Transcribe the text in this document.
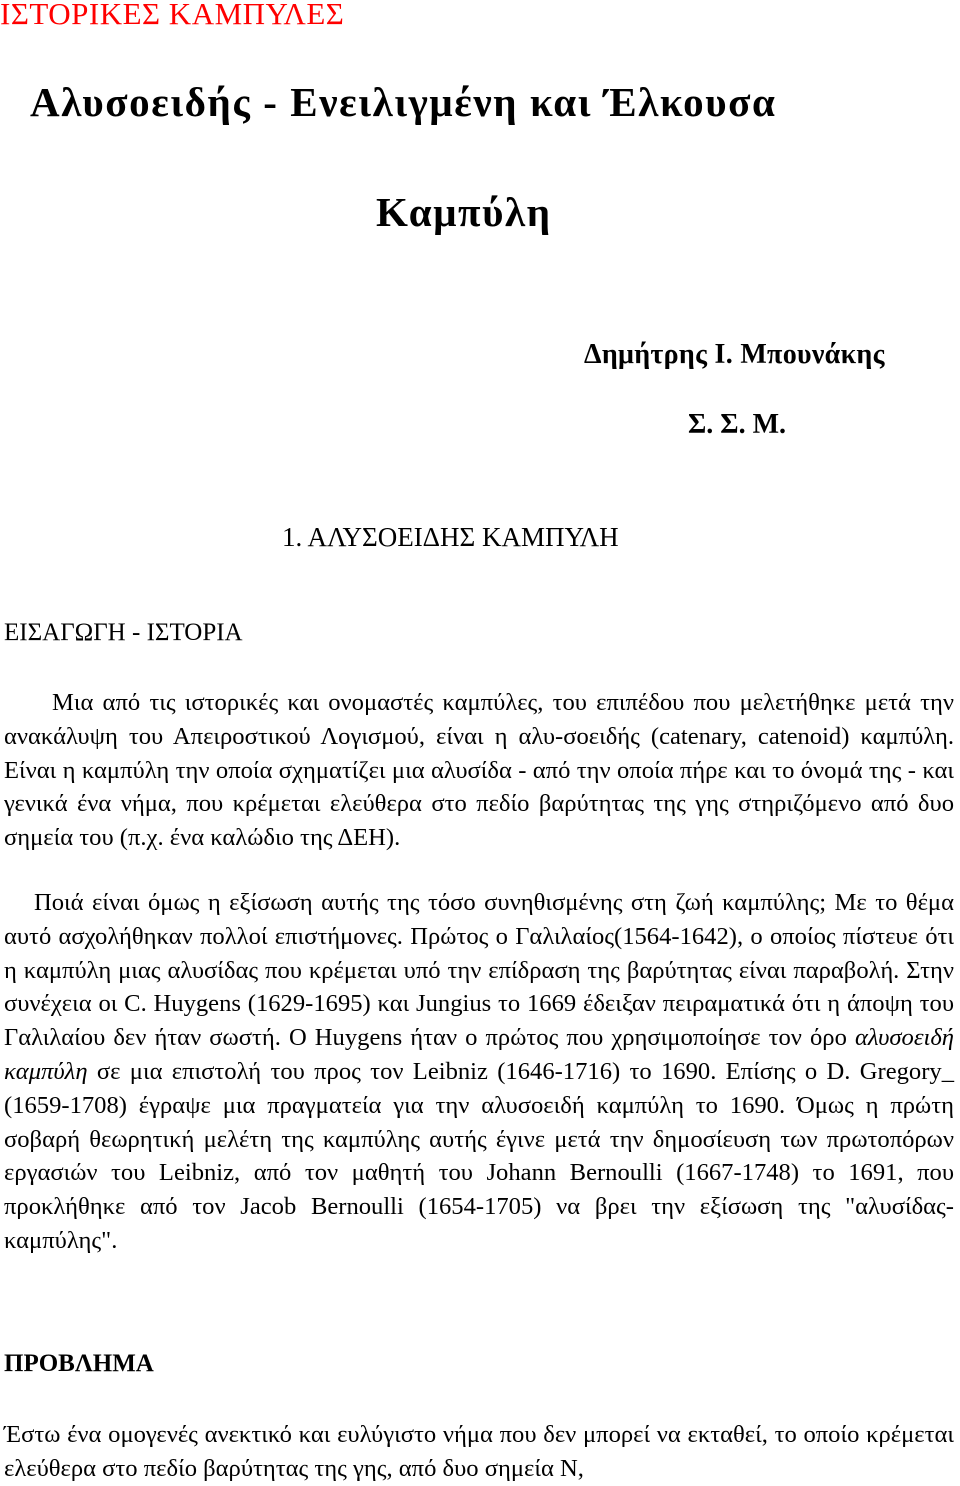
ΙΣΤΟΡΙΚΕΣ ΚΑΜΠΥΛΕΣ
Αλυσοειδής - Ενειλιγμένη και Έλκουσα
Καμπύλη
Δημήτρης Ι. Μπουνάκης
Σ. Σ. Μ.
1. ΑΛΥΣΟΕΙΔΗΣ ΚΑΜΠΥΛΗ
ΕΙΣΑΓΩΓΗ - ΙΣΤΟΡΙΑ

Μια από τις ιστορικές και ονομαστές καμπύλες, του επιπέδου που μελετήθηκε μετά την ανακάλυψη του Απειροστικού Λογισμού, είναι η αλυ-σοειδής (catenary, catenoid) καμπύλη. Είναι η καμπύλη την οποία σχηματίζει μια αλυσίδα - από την οποία πήρε και το όνομά της - και γενικά ένα νήμα, που κρέμεται ελεύθερα στο πεδίο βαρύτητας της γης στηριζόμενο από δυο σημεία του (π.χ. ένα καλώδιο της ΔΕΗ).

Ποιά είναι όμως η εξίσωση αυτής της τόσο συνηθισμένης στη ζωή καμπύλης; Με το θέμα αυτό ασχολήθηκαν πολλοί επιστήμονες. Πρώτος ο Γαλιλαίος(1564-1642), ο οποίος πίστευε ότι η καμπύλη μιας αλυσίδας που κρέμεται υπό την επίδραση της βαρύτητας είναι παραβολή. Στην συνέχεια οι C. Huygens (1629-1695) και Jungius το 1669 έδειξαν πειραματικά ότι η άποψη του Γαλιλαίου δεν ήταν σωστή. Ο Huygens ήταν ο πρώτος που χρησιμοποίησε τον όρο αλυσοειδή καμπύλη σε μια επιστολή του προς τον Leibniz (1646-1716) το 1690. Επίσης ο D. Gregory_ (1659-1708) έγραψε μια πραγματεία για την αλυσοειδή καμπύλη το 1690. Όμως η πρώτη σοβαρή θεωρητική μελέτη της καμπύλης αυτής έγινε μετά την δημοσίευση των πρωτοπόρων εργασιών του Leibniz, από τον μαθητή του Johann Bernoulli (1667-1748) το 1691, που προκλήθηκε από τον Jacob Bernoulli (1654-1705) να βρει την εξίσωση της "αλυσίδας-καμπύλης".

ΠΡΟΒΛΗΜΑ

Έστω ένα ομογενές ανεκτικό και ευλύγιστο νήμα που δεν μπορεί να εκταθεί, το οποίο κρέμεται ελεύθερα στο πεδίο βαρύτητας της γης, από δυο σημεία Ν,
